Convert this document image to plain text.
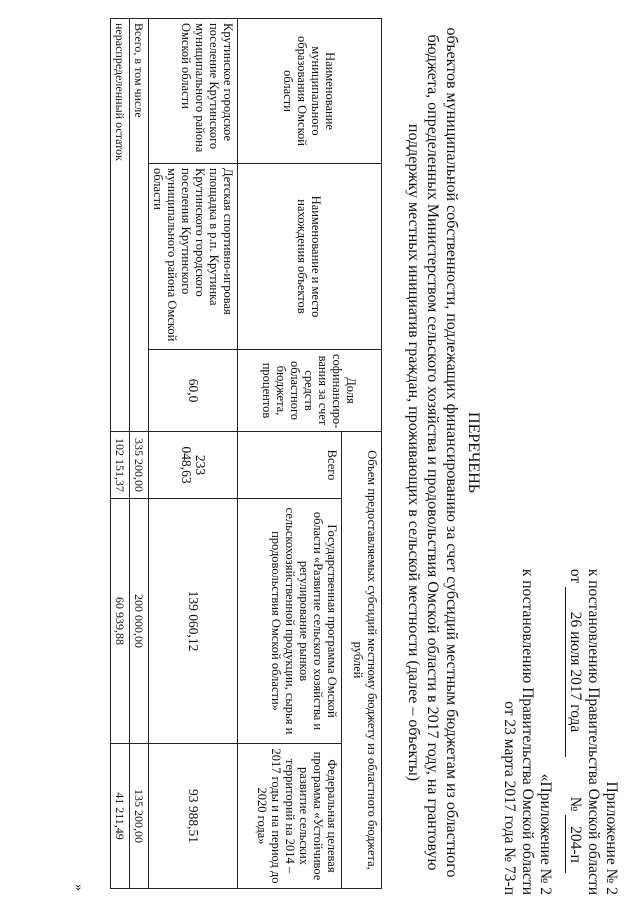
Приложение № 2
к постановлению Правительства Омской области
от 26 июля 2017 года  № 204-п
«Приложение № 2
к постановлению Правительства Омской области
от 23 марта 2017 года № 73-п
ПЕРЕЧЕНЬ
объектов муниципальной собственности, подлежащих финансированию за счет субсидий местным бюджетам из областного
бюджета, определенных Министерством сельского хозяйства и продовольствия Омской области в 2017 году, на грантовую
поддержку местных инициатив граждан, проживающих в сельской местности (далее – объекты)
Наименование муниципального образования Омской области	Наименование и место нахождения объектов	Доля софинансиро-вания за счет средств областного бюджета, процентов	Объем предоставляемых субсидий местному бюджету из областного бюджета, рублей		
			Всего	Государственная программа Омской области «Развитие сельского хозяйства и регулирование рынков сельскохозяйственной продукции, сырья и продовольствия Омской области»	Федеральная целевая программа «Устойчивое развитие сельских территорий на 2014 – 2017 годы и на период до 2020 года»
Крутинское городское поселение Крутинского муниципального района Омской области	Детская спортивно-игровая площадка в р.п. Крутинка Крутинского городского поселения Крутинского муниципального района Омской области	60,0	233 048,63	139 060,12	93 988,51
Всего, в том числе			335 200,00	200 000,00	135 200,00
нераспределенный остаток			102 151,37	60 939,88	41 211,49
»
